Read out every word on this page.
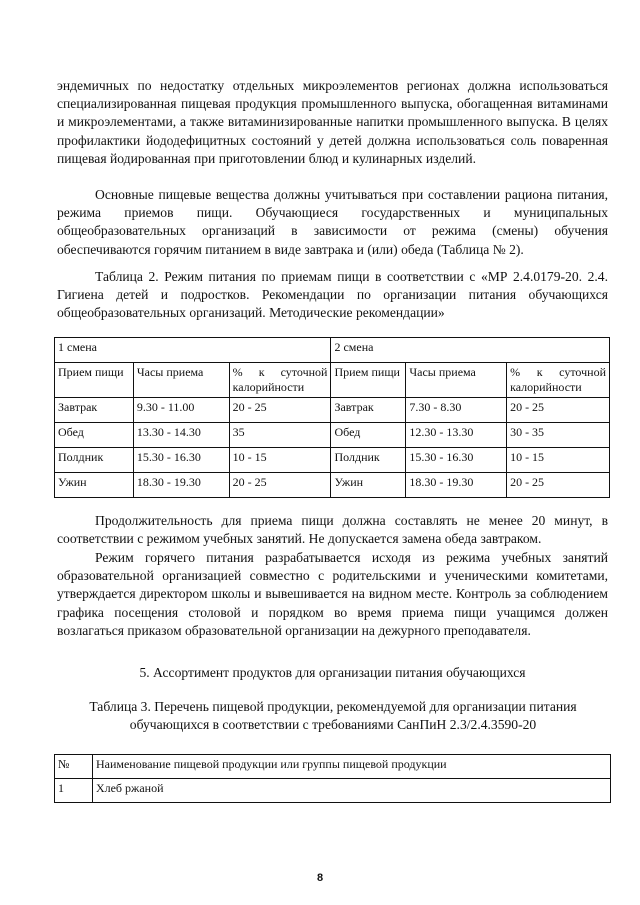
эндемичных по недостатку отдельных микроэлементов регионах должна использоваться специализированная пищевая продукция промышленного выпуска, обогащенная витаминами и микроэлементами, а также витаминизированные напитки промышленного выпуска. В целях профилактики йододефицитных состояний у детей должна использоваться соль поваренная пищевая йодированная при приготовлении блюд и кулинарных изделий.

Основные пищевые вещества должны учитываться при составлении рациона питания, режима приемов пищи. Обучающиеся государственных и муниципальных общеобразовательных организаций в зависимости от режима (смены) обучения обеспечиваются горячим питанием в виде завтрака и (или) обеда (Таблица № 2).

Таблица 2. Режим питания по приемам пищи в соответствии с «МР 2.4.0179-20. 2.4. Гигиена детей и подростков. Рекомендации по организации питания обучающихся общеобразовательных организаций. Методические рекомендации»

1 смена			2 смена		
Прием пищи	Часы приема	% к суточной калорийности	Прием пищи	Часы приема	% к суточной калорийности
Завтрак	9.30 - 11.00	20 - 25	Завтрак	7.30 - 8.30	20 - 25
Обед	13.30 - 14.30	35	Обед	12.30 - 13.30	30 - 35
Полдник	15.30 - 16.30	10 - 15	Полдник	15.30 - 16.30	10 - 15
Ужин	18.30 - 19.30	20 - 25	Ужин	18.30 - 19.30	20 - 25

Продолжительность для приема пищи должна составлять не менее 20 минут, в соответствии с режимом учебных занятий. Не допускается замена обеда завтраком.

Режим горячего питания разрабатывается исходя из режима учебных занятий образовательной организацией совместно с родительскими и ученическими комитетами, утверждается директором школы и вывешивается на видном месте. Контроль за соблюдением графика посещения столовой и порядком во время приема пищи учащимся должен возлагаться приказом образовательной организации на дежурного преподавателя.

5. Ассортимент продуктов для организации питания обучающихся

Таблица 3. Перечень пищевой продукции, рекомендуемой для организации питания обучающихся в соответствии с требованиями СанПиН 2.3/2.4.3590-20

№	Наименование пищевой продукции или группы пищевой продукции
1	Хлеб ржаной
8
